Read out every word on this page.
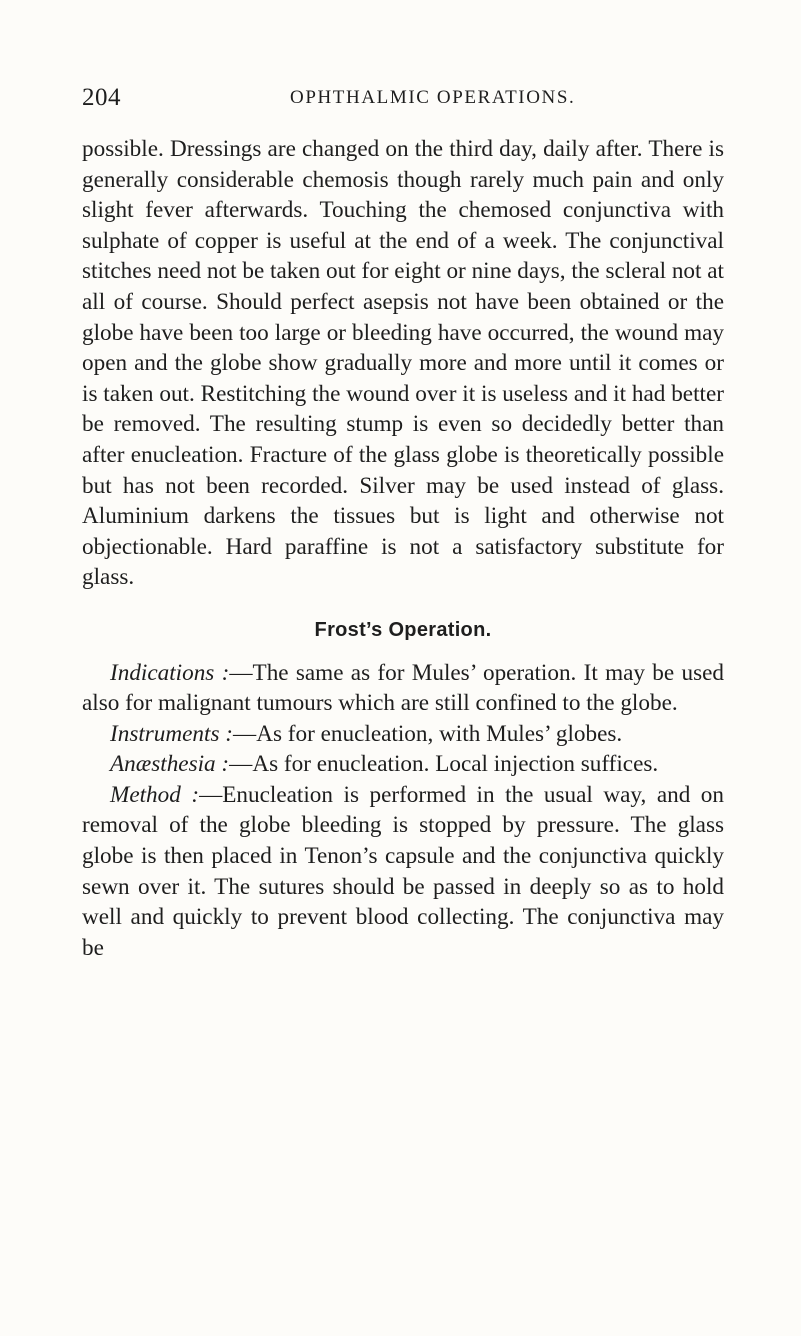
204	OPHTHALMIC OPERATIONS.

possible. Dressings are changed on the third day, daily after. There is generally considerable chemosis though rarely much pain and only slight fever afterwards. Touching the chemosed conjunctiva with sulphate of copper is useful at the end of a week. The conjunctival stitches need not be taken out for eight or nine days, the scleral not at all of course. Should perfect asepsis not have been obtained or the globe have been too large or bleeding have occurred, the wound may open and the globe show gradually more and more until it comes or is taken out. Restitching the wound over it is useless and it had better be removed. The resulting stump is even so decidedly better than after enucleation. Fracture of the glass globe is theoretically possible but has not been recorded. Silver may be used instead of glass. Aluminium darkens the tissues but is light and otherwise not objectionable. Hard paraffine is not a satisfactory substitute for glass.

Frost’s Operation.

Indications :—The same as for Mules’ operation. It may be used also for malignant tumours which are still confined to the globe.

Instruments :—As for enucleation, with Mules’ globes.

Anæsthesia :—As for enucleation. Local injection suffices.

Method :—Enucleation is performed in the usual way, and on removal of the globe bleeding is stopped by pressure. The glass globe is then placed in Tenon’s capsule and the conjunctiva quickly sewn over it. The sutures should be passed in deeply so as to hold well and quickly to prevent blood collecting. The conjunctiva may be
